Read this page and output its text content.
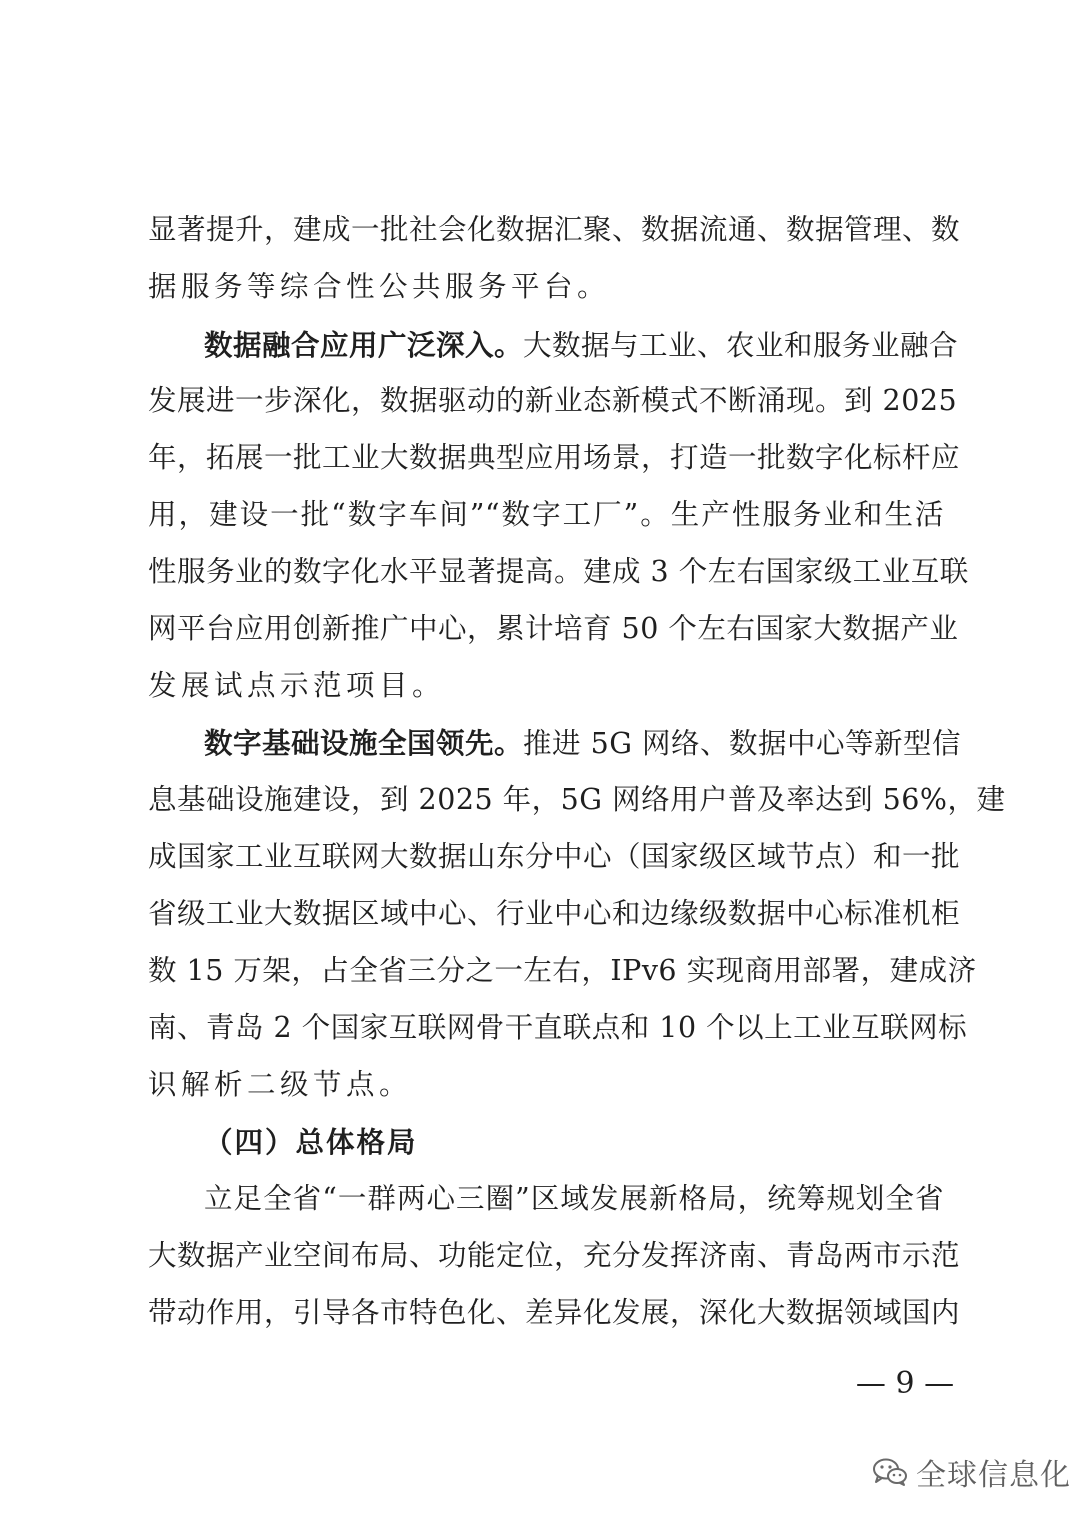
显著提升，建成一批社会化数据汇聚、数据流通、数据管理、数
据服务等综合性公共服务平台。
数据融合应用广泛深入。大数据与工业、农业和服务业融合
发展进一步深化，数据驱动的新业态新模式不断涌现。到 2025
年，拓展一批工业大数据典型应用场景，打造一批数字化标杆应
用，建设一批“数字车间”“数字工厂”。生产性服务业和生活
性服务业的数字化水平显著提高。建成 3 个左右国家级工业互联
网平台应用创新推广中心，累计培育 50 个左右国家大数据产业
发展试点示范项目。
数字基础设施全国领先。推进 5G 网络、数据中心等新型信
息基础设施建设，到 2025 年，5G 网络用户普及率达到 56%，建
成国家工业互联网大数据山东分中心（国家级区域节点）和一批
省级工业大数据区域中心、行业中心和边缘级数据中心标准机柜
数 15 万架，占全省三分之一左右，IPv6 实现商用部署，建成济
南、青岛 2 个国家互联网骨干直联点和 10 个以上工业互联网标
识解析二级节点。
（四）总体格局
立足全省“一群两心三圈”区域发展新格局，统筹规划全省
大数据产业空间布局、功能定位，充分发挥济南、青岛两市示范
带动作用，引导各市特色化、差异化发展，深化大数据领域国内
— 9 —
全球信息化
